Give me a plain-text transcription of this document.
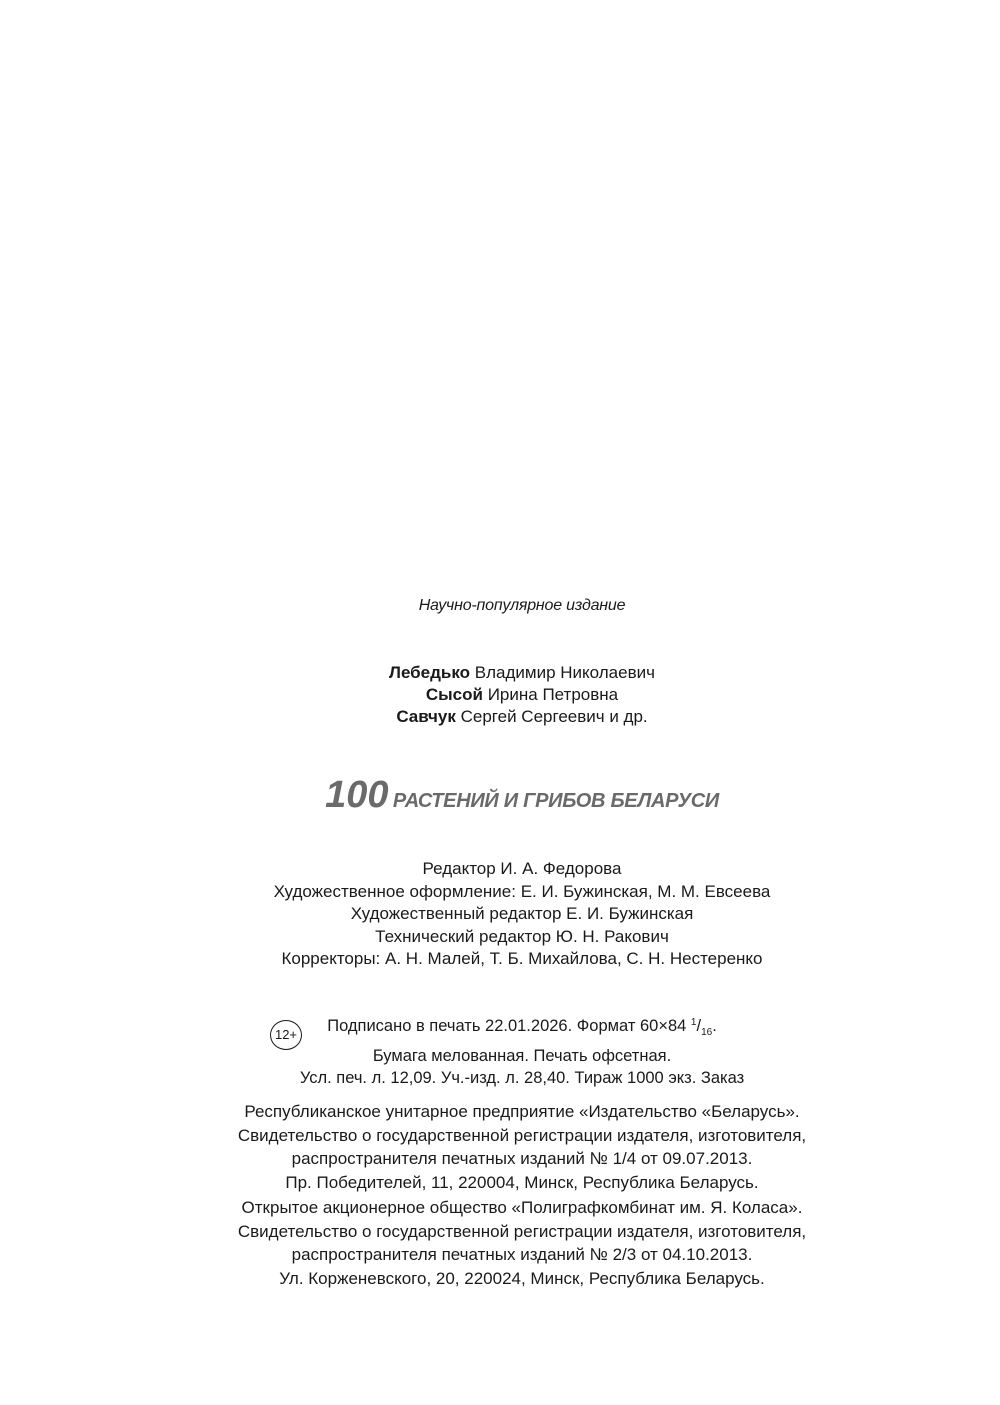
Научно-популярное издание
Лебедько Владимир Николаевич
Сысой Ирина Петровна
Савчук Сергей Сергеевич и др.
100 РАСТЕНИЙ И ГРИБОВ БЕЛАРУСИ
Редактор И. А. Федорова
Художественное оформление: Е. И. Бужинская, М. М. Евсеева
Художественный редактор Е. И. Бужинская
Технический редактор Ю. Н. Ракович
Корректоры: А. Н. Малей, Т. Б. Михайлова, С. Н. Нестеренко
12+	Подписано в печать 22.01.2026. Формат 60×84 $^1/_{16}$.
Бумага мелованная. Печать офсетная.
Усл. печ. л. 12,09. Уч.-изд. л. 28,40. Тираж 1000 экз. Заказ
Республиканское унитарное предприятие «Издательство «Беларусь».
Свидетельство о государственной регистрации издателя, изготовителя,
распространителя печатных изданий № 1/4 от 09.07.2013.
Пр. Победителей, 11, 220004, Минск, Республика Беларусь.
Открытое акционерное общество «Полиграфкомбинат им. Я. Коласа».
Свидетельство о государственной регистрации издателя, изготовителя,
распространителя печатных изданий № 2/3 от 04.10.2013.
Ул. Корженевского, 20, 220024, Минск, Республика Беларусь.
